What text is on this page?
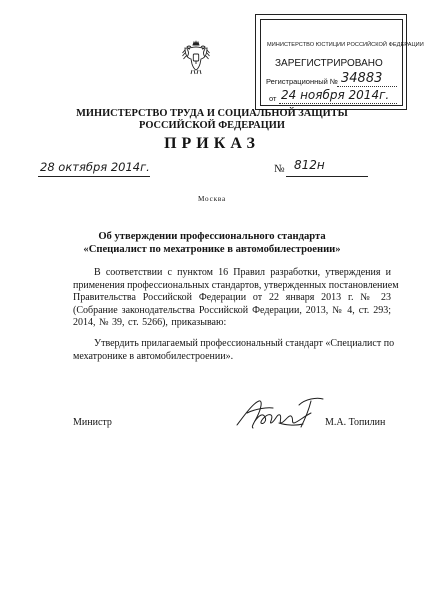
МИНИСТЕРСТВО ЮСТИЦИИ РОССИЙСКОЙ ФЕДЕРАЦИИ
ЗАРЕГИСТРИРОВАНО
Регистрационный № 34883
от 24 ноября 2014г.
МИНИСТЕРСТВО ТРУДА И СОЦИАЛЬНОЙ ЗАЩИТЫ
РОССИЙСКОЙ ФЕДЕРАЦИИ
ПРИКАЗ
28 октября 2014г.	№ 812н
Москва
Об утверждении профессионального стандарта
«Специалист по мехатронике в автомобилестроении»
В соответствии с пунктом 16 Правил разработки, утверждения и
применения профессиональных стандартов, утвержденных постановлением
Правительства Российской Федерации от 22 января 2013 г. № 23
(Собрание законодательства Российской Федерации, 2013, № 4, ст. 293;
2014, № 39, ст. 5266), приказываю:
Утвердить прилагаемый профессиональный стандарт «Специалист по
мехатронике в автомобилестроении».
Министр	М.А. Топилин
